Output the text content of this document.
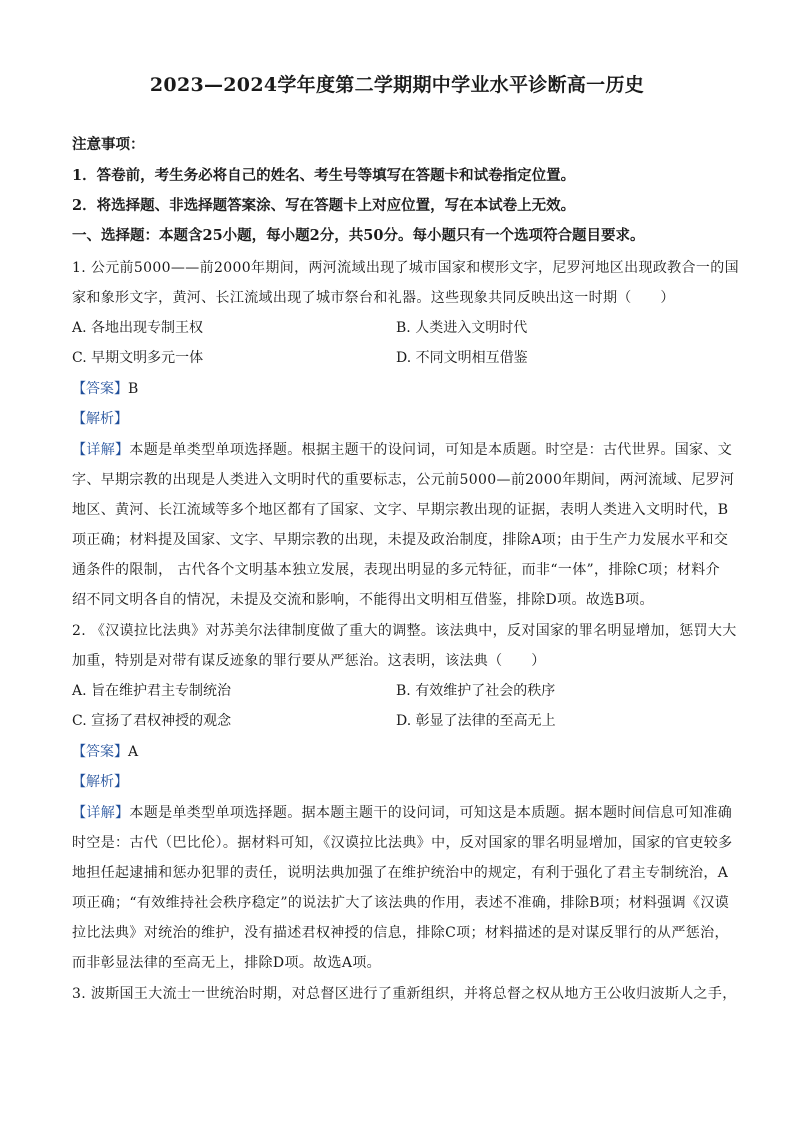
2023—2024学年度第二学期期中学业水平诊断高一历史
注意事项：
1．答卷前，考生务必将自己的姓名、考生号等填写在答题卡和试卷指定位置。
2．将选择题、非选择题答案涂、写在答题卡上对应位置，写在本试卷上无效。
一、选择题：本题含25小题，每小题2分，共50分。每小题只有一个选项符合题目要求。
1. 公元前5000——前2000年期间，两河流域出现了城市国家和楔形文字，尼罗河地区出现政教合一的国
家和象形文字，黄河、长江流域出现了城市祭台和礼器。这些现象共同反映出这一时期（　　）
A. 各地出现专制王权	B. 人类进入文明时代
C. 早期文明多元一体	D. 不同文明相互借鉴
【答案】B
【解析】
【详解】本题是单类型单项选择题。根据主题干的设问词，可知是本质题。时空是：古代世界。国家、文
字、早期宗教的出现是人类进入文明时代的重要标志，公元前5000—前2000年期间，两河流域、尼罗河
地区、黄河、长江流域等多个地区都有了国家、文字、早期宗教出现的证据，表明人类进入文明时代，B
项正确；材料提及国家、文字、早期宗教的出现，未提及政治制度，排除A项；由于生产力发展水平和交
通条件的限制， 古代各个文明基本独立发展，表现出明显的多元特征，而非“一体”，排除C项；材料介
绍不同文明各自的情况，未提及交流和影响，不能得出文明相互借鉴，排除D项。故选B项。
2. 《汉谟拉比法典》对苏美尔法律制度做了重大的调整。该法典中，反对国家的罪名明显增加，惩罚大大
加重，特别是对带有谋反迹象的罪行要从严惩治。这表明，该法典（　　）
A. 旨在维护君主专制统治	B. 有效维护了社会的秩序
C. 宣扬了君权神授的观念	D. 彰显了法律的至高无上
【答案】A
【解析】
【详解】本题是单类型单项选择题。据本题主题干的设问词，可知这是本质题。据本题时间信息可知准确
时空是：古代（巴比伦）。据材料可知，《汉谟拉比法典》中，反对国家的罪名明显增加，国家的官吏较多
地担任起逮捕和惩办犯罪的责任，说明法典加强了在维护统治中的规定，有利于强化了君主专制统治，A
项正确；“有效维持社会秩序稳定”的说法扩大了该法典的作用，表述不准确，排除B项；材料强调《汉谟
拉比法典》对统治的维护，没有描述君权神授的信息，排除C项；材料描述的是对谋反罪行的从严惩治，
而非彰显法律的至高无上，排除D项。故选A项。
3. 波斯国王大流士一世统治时期，对总督区进行了重新组织，并将总督之权从地方王公收归波斯人之手，
